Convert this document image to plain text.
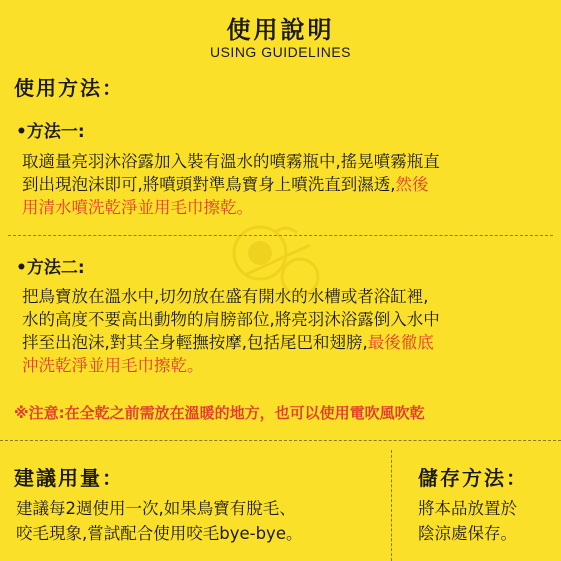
使用說明
USING GUIDELINES
使用方法：
•方法一:
取適量亮羽沐浴露加入裝有溫水的噴霧瓶中,搖晃噴霧瓶直
到出現泡沫即可,將噴頭對準鳥寶身上噴洗直到濕透,然後
用清水噴洗乾淨並用毛巾擦乾。
•方法二:
把鳥寶放在溫水中,切勿放在盛有開水的水槽或者浴缸裡,
水的高度不要高出動物的肩膀部位,將亮羽沐浴露倒入水中
拌至出泡沫,對其全身輕撫按摩,包括尾巴和翅膀,最後徹底
沖洗乾淨並用毛巾擦乾。
※注意:在全乾之前需放在溫暖的地方，也可以使用電吹風吹乾
建議用量：
建議每2週使用一次,如果鳥寶有脫毛、
咬毛現象,嘗試配合使用咬毛bye-bye。
儲存方法：
將本品放置於
陰涼處保存。
